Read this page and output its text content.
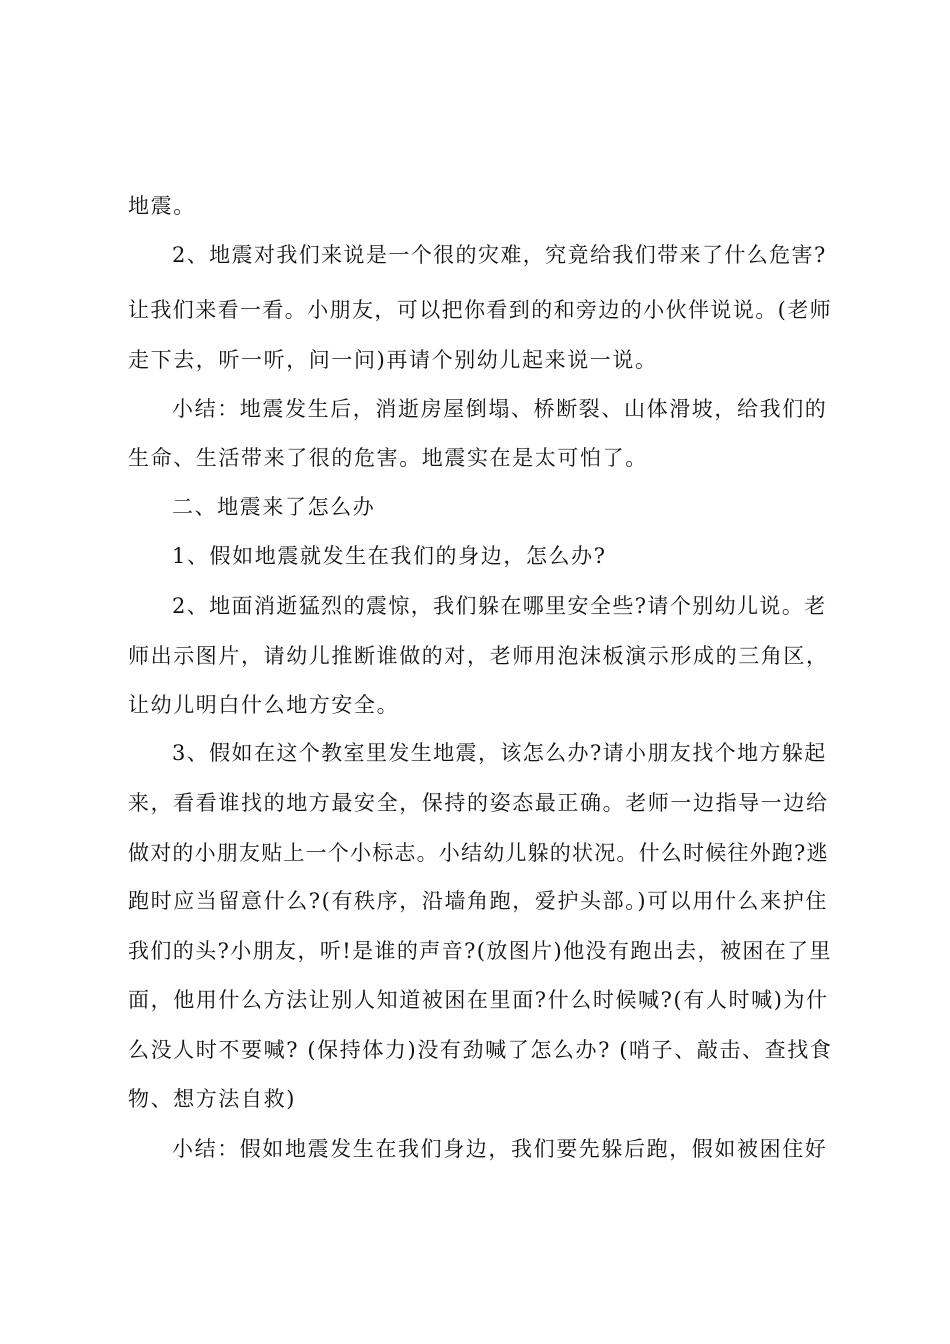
地震。
2、地震对我们来说是一个很的灾难，究竟给我们带来了什么危害?
让我们来看一看。小朋友，可以把你看到的和旁边的小伙伴说说。(老师
走下去，听一听，问一问)再请个别幼儿起来说一说。
小结：地震发生后，消逝房屋倒塌、桥断裂、山体滑坡，给我们的
生命、生活带来了很的危害。地震实在是太可怕了。
二、地震来了怎么办
1、假如地震就发生在我们的身边，怎么办?
2、地面消逝猛烈的震惊，我们躲在哪里安全些?请个别幼儿说。老
师出示图片，请幼儿推断谁做的对，老师用泡沫板演示形成的三角区，
让幼儿明白什么地方安全。
3、假如在这个教室里发生地震，该怎么办?请小朋友找个地方躲起
来，看看谁找的地方最安全，保持的姿态最正确。老师一边指导一边给
做对的小朋友贴上一个小标志。小结幼儿躲的状况。什么时候往外跑?逃
跑时应当留意什么?(有秩序，沿墙角跑，爱护头部。)可以用什么来护住
我们的头?小朋友，听!是谁的声音?(放图片)他没有跑出去，被困在了里
面，他用什么方法让别人知道被困在里面?什么时候喊?(有人时喊)为什
么没人时不要喊? (保持体力)没有劲喊了怎么办? (哨子、敲击、查找食
物、想方法自救)
小结：假如地震发生在我们身边，我们要先躲后跑，假如被困住好
